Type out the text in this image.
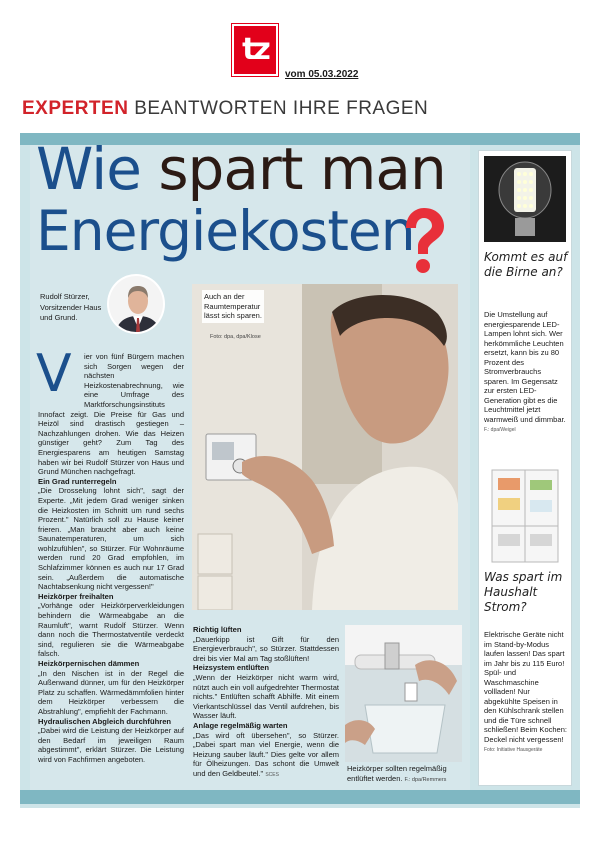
tz
vom 05.03.2022
EXPERTEN BEANTWORTEN IHRE FRAGEN
Wie spart man
Energiekosten
Rudolf Stürzer, Vorsitzender Haus und Grund.
Auch an der Raumtemperatur lässt sich sparen.
Foto: dpa, dpa/Klose

V	ier von fünf Bürgern machen sich Sorgen wegen der nächsten Heizkostenabrechnung, wie eine Umfrage des Marktforschungsinstituts Innofact zeigt. Die Preise für Gas und Heizöl sind drastisch gestiegen – Nachzahlungen drohen. Wie das Heizen günstiger geht? Zum Tag des Energiesparens am heutigen Samstag haben wir bei Rudolf Stürzer von Haus und Grund München nachgefragt.

Ein Grad runterregeln

„Die Drosselung lohnt sich", sagt der Experte. „Mit jedem Grad weniger sinken die Heizkosten im Schnitt um rund sechs Prozent." Natürlich soll zu Hause keiner frieren. „Man braucht aber auch keine Saunatemperaturen, um sich wohlzufühlen", so Stürzer. Für Wohnräume werden rund 20 Grad empfohlen, im Schlafzimmer können es auch nur 17 Grad sein. „Außerdem die automatische Nachtabsenkung nicht vergessen!"

Heizkörper freihalten

„Vorhänge oder Heizkörperverkleidungen behindern die Wärmeabgabe an die Raumluft", warnt Rudolf Stürzer. Wenn dann noch die Thermostatventile verdeckt sind, regulieren sie die Wärmeabgabe falsch.

Heizkörpernischen dämmen

„In den Nischen ist in der Regel die Außenwand dünner, um für den Heizkörper Platz zu schaffen. Wärmedämmfolien hinter dem Heizkörper verbessern die Abstrahlung", empfiehlt der Fachmann.

Hydraulischen Abgleich durchführen

„Dabei wird die Leistung der Heizkörper auf den Bedarf im jeweiligen Raum abgestimmt", erklärt Stürzer. Die Leistung wird von Fachfirmen angeboten.

Richtig lüften

„Dauerkipp ist Gift für den Energieverbrauch", so Stürzer. Stattdessen drei bis vier Mal am Tag stoßlüften!

Heizsystem entlüften

„Wenn der Heizkörper nicht warm wird, nützt auch ein voll aufgedrehter Thermostat nichts." Entlüften schafft Abhilfe. Mit einem Vierkantschlüssel das Ventil aufdrehen, bis Wasser läuft.

Anlage regelmäßig warten

„Das wird oft übersehen", so Stürzer. „Dabei spart man viel Energie, wenn die Heizung sauber läuft." Dies gelte vor allem für Ölheizungen. Das schont die Umwelt und den Geldbeutel." SCES

Heizkörper sollten regelmäßig entlüftet werden. F.: dpa/Remmers
Kommt es auf die Birne an?
Die Umstellung auf energiesparende LED-Lampen lohnt sich. Wer herkömmliche Leuchten ersetzt, kann bis zu 80 Prozent des Stromverbrauchs sparen. Im Gegensatz zur ersten LED-Generation gibt es die Leuchtmittel jetzt warmweiß und dimmbar. F.: dpa/Weigel
Was spart im Haushalt Strom?
Elektrische Geräte nicht im Stand-by-Modus laufen lassen! Das spart im Jahr bis zu 115 Euro! Spül- und Waschmaschine vollladen! Nur abgekühlte Speisen in den Kühlschrank stellen und die Türe schnell schließen! Beim Kochen: Deckel nicht vergessen! Foto: Initiative Hausgeräte
